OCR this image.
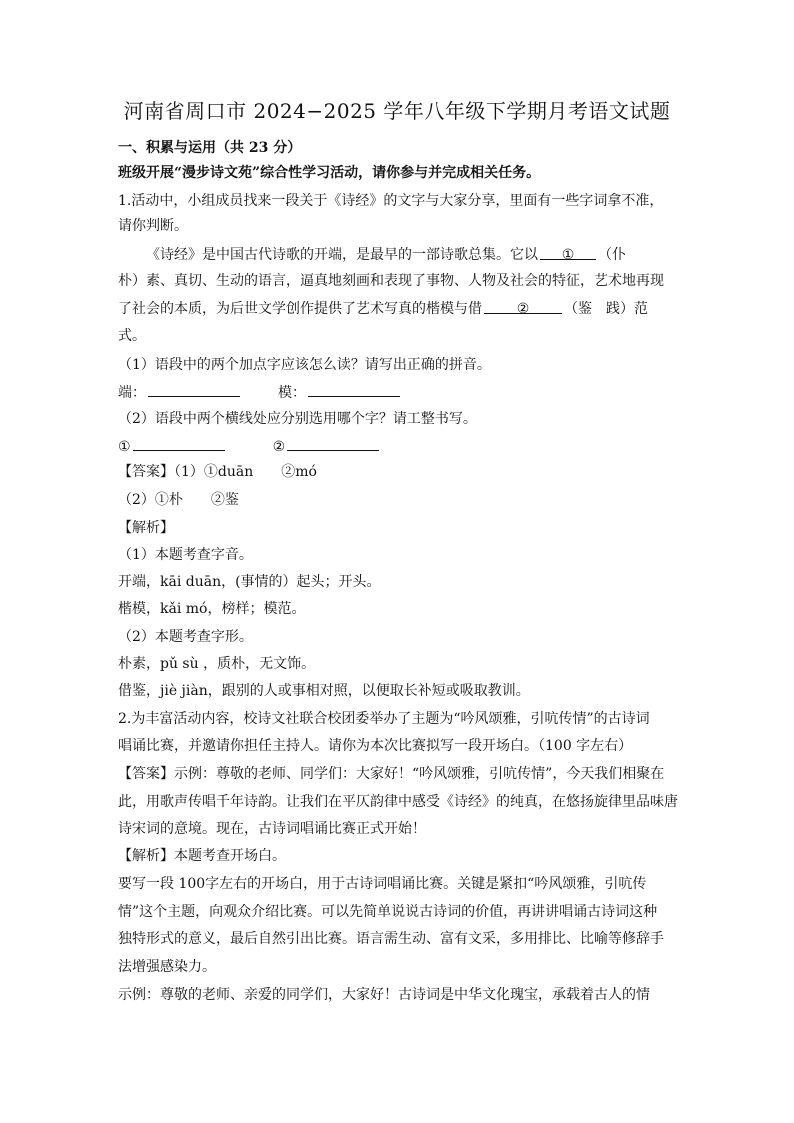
河南省周口市 2024−2025 学年八年级下学期月考语文试题
一、积累与运用（共 23 分）
班级开展“漫步诗文苑”综合性学习活动，请你参与并完成相关任务。
1.活动中，小组成员找来一段关于《诗经》的文字与大家分享，里面有一些字词拿不准，
请你判断。
《诗经》是中国古代诗歌的开端，是最早的一部诗歌总集。它以 ① （仆
朴）素、真切、生动的语言，逼真地刻画和表现了事物、人物及社会的特征，艺术地再现
了社会的本质，为后世文学创作提供了艺术写真的楷模与借 ② （鉴　践）范
式。
（1）语段中的两个加点字应该怎么读？请写出正确的拼音。
端：	模：
（2）语段中两个横线处应分别选用哪个字？请工整书写。
①	②
【答案】（1）①duān　　②mó
（2）①朴　　②鉴
【解析】
（1）本题考查字音。
开端，kāi duān，(事情的）起头；开头。
楷模，kǎi mó，榜样；模范。
（2）本题考查字形。
朴素，pǔ sù ，质朴，无文饰。
借鉴，jiè jiàn，跟别的人或事相对照，以便取长补短或吸取教训。
2.为丰富活动内容，校诗文社联合校团委举办了主题为“吟风颂雅，引吭传情”的古诗词
唱诵比赛，并邀请你担任主持人。请你为本次比赛拟写一段开场白。（100 字左右）
【答案】示例：尊敬的老师、同学们：大家好！“吟风颂雅，引吭传情”，今天我们相聚在
此，用歌声传唱千年诗韵。让我们在平仄韵律中感受《诗经》的纯真，在悠扬旋律里品味唐
诗宋词的意境。现在，古诗词唱诵比赛正式开始！
【解析】本题考查开场白。
要写一段 100字左右的开场白，用于古诗词唱诵比赛。关键是紧扣“吟风颂雅，引吭传
情”这个主题，向观众介绍比赛。可以先简单说说古诗词的价值，再讲讲唱诵古诗词这种
独特形式的意义，最后自然引出比赛。语言需生动、富有文采，多用排比、比喻等修辞手
法增强感染力。
示例：尊敬的老师、亲爱的同学们，大家好！古诗词是中华文化瑰宝，承载着古人的情
